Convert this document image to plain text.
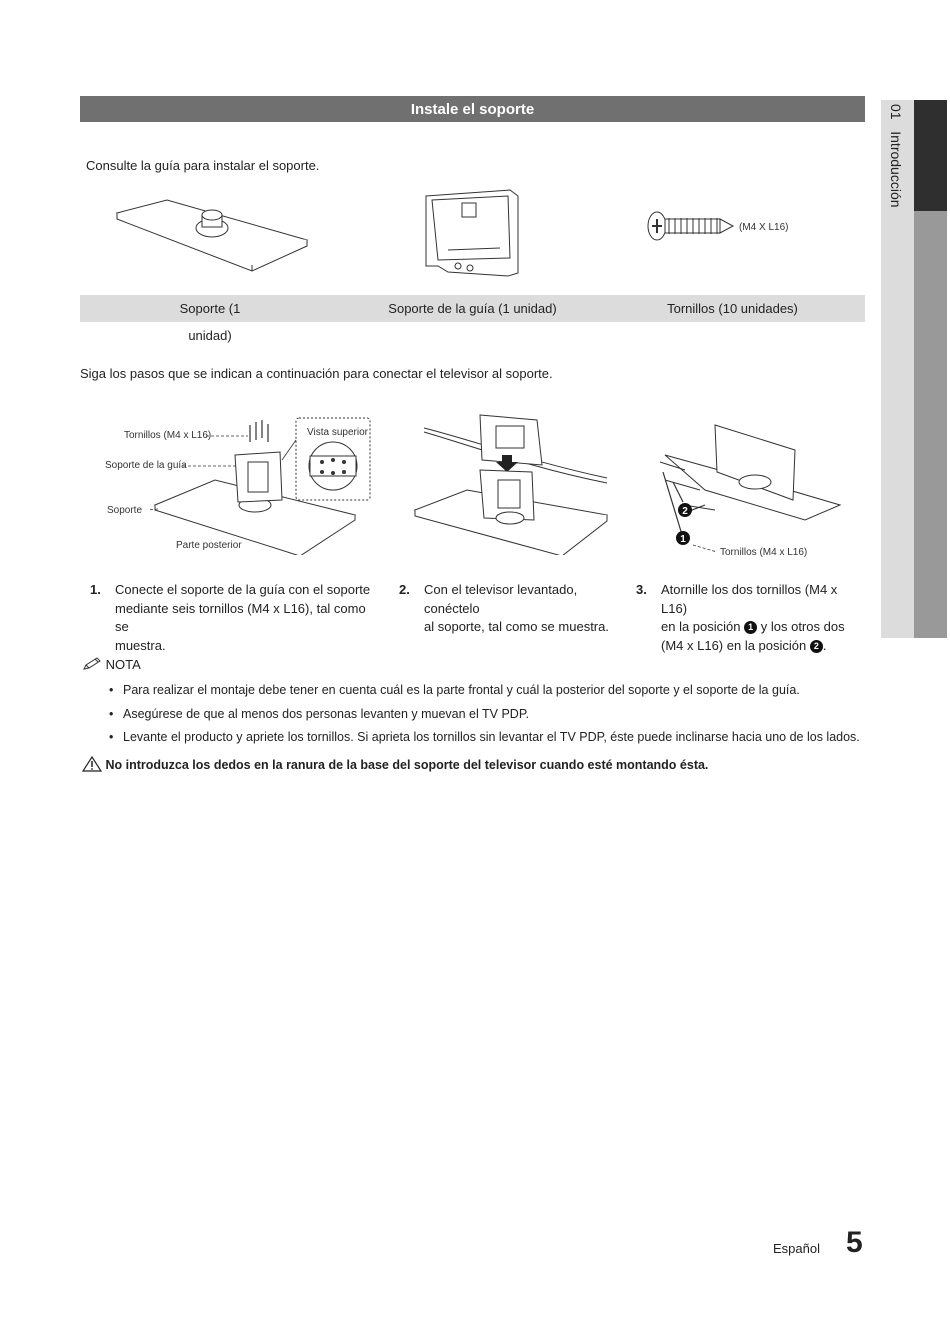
Instale el soporte
Consulte la guía para instalar el soporte.
(M4 X L16)
Soporte (1 unidad)
Soporte de la guía (1 unidad)	Tornillos (10 unidades)
Siga los pasos que se indican a continuación para conectar el televisor al soporte.
Tornillos (M4 x L16)
Soporte de la guía
Soporte
Parte posterior
Vista superior
2
1
Tornillos (M4 x L16)
1. Conecte el soporte de la guía con el soporte
mediante seis tornillos (M4 x L16), tal como se
muestra.
2. Con el televisor levantado, conéctelo
al soporte, tal como se muestra.
3. Atornille los dos tornillos (M4 x L16)
en la posición 1 y los otros dos
(M4 x L16) en la posición 2 .
NOTA
• Para realizar el montaje debe tener en cuenta cuál es la parte frontal y cuál la posterior del soporte y el soporte de la guía.
• Asegúrese de que al menos dos personas levanten y muevan el TV PDP.
• Levante el producto y apriete los tornillos. Si aprieta los tornillos sin levantar el TV PDP, éste puede inclinarse hacia uno de los lados.
No introduzca los dedos en la ranura de la base del soporte del televisor cuando esté montando ésta.
01   Introducción
Español 5
